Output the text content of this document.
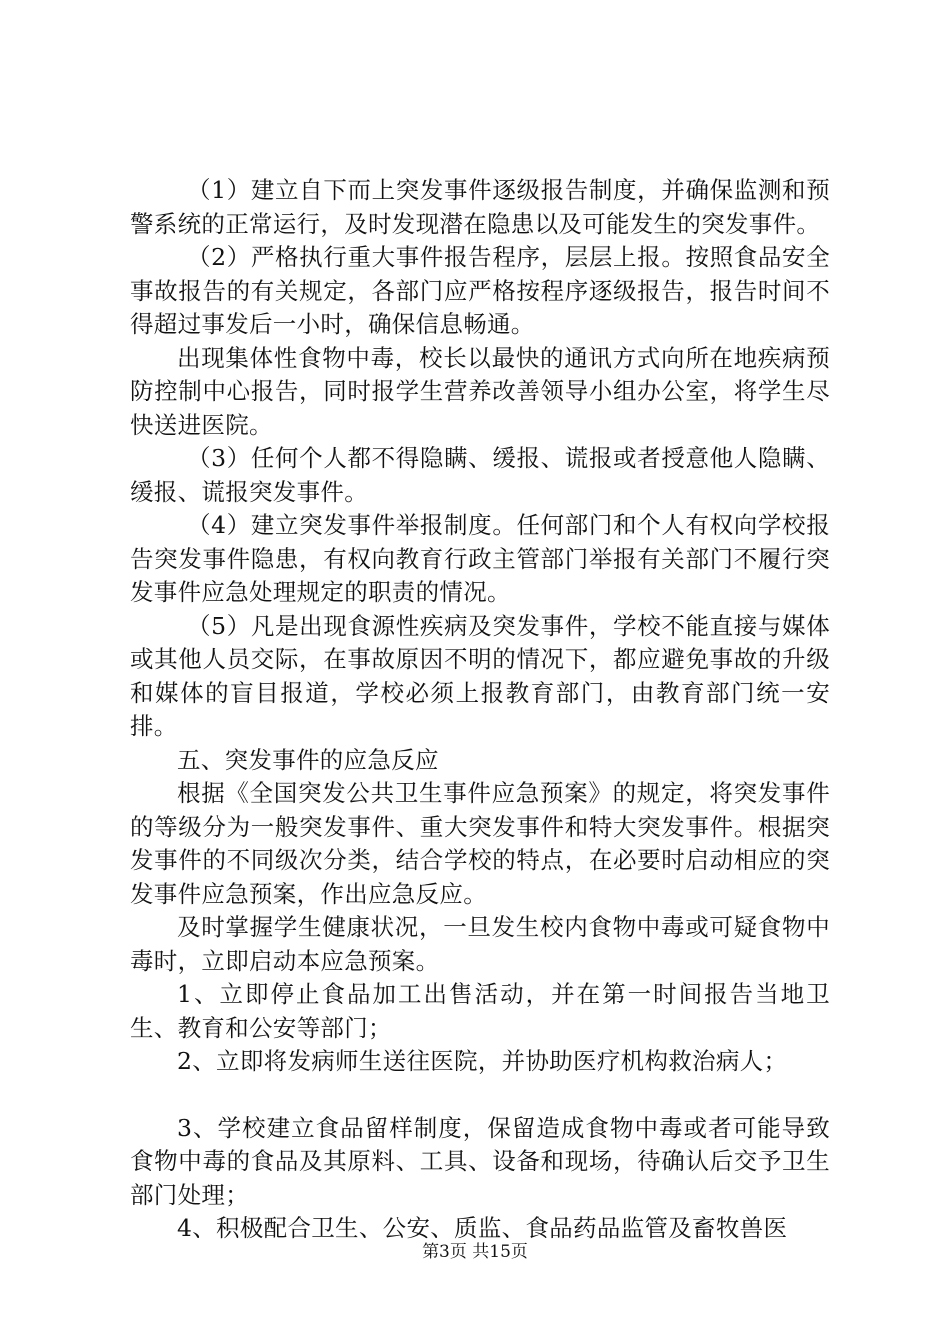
（1）建立自下而上突发事件逐级报告制度，并确保监测和预警系统的正常运行，及时发现潜在隐患以及可能发生的突发事件。

（2）严格执行重大事件报告程序，层层上报。按照食品安全事故报告的有关规定，各部门应严格按程序逐级报告，报告时间不得超过事发后一小时，确保信息畅通。

出现集体性食物中毒，校长以最快的通讯方式向所在地疾病预防控制中心报告，同时报学生营养改善领导小组办公室，将学生尽快送进医院。

（3）任何个人都不得隐瞒、缓报、谎报或者授意他人隐瞒、缓报、谎报突发事件。

（4）建立突发事件举报制度。任何部门和个人有权向学校报告突发事件隐患，有权向教育行政主管部门举报有关部门不履行突发事件应急处理规定的职责的情况。

（5）凡是出现食源性疾病及突发事件，学校不能直接与媒体或其他人员交际，在事故原因不明的情况下，都应避免事故的升级和媒体的盲目报道，学校必须上报教育部门，由教育部门统一安排。

五、突发事件的应急反应

根据《全国突发公共卫生事件应急预案》的规定，将突发事件的等级分为一般突发事件、重大突发事件和特大突发事件。根据突发事件的不同级次分类，结合学校的特点，在必要时启动相应的突发事件应急预案，作出应急反应。

及时掌握学生健康状况，一旦发生校内食物中毒或可疑食物中毒时，立即启动本应急预案。

1、立即停止食品加工出售活动，并在第一时间报告当地卫生、教育和公安等部门；

2、立即将发病师生送往医院，并协助医疗机构救治病人；

3、学校建立食品留样制度，保留造成食物中毒或者可能导致食物中毒的食品及其原料、工具、设备和现场，待确认后交予卫生部门处理；

4、积极配合卫生、公安、质监、食品药品监管及畜牧兽医

第3页 共15页
